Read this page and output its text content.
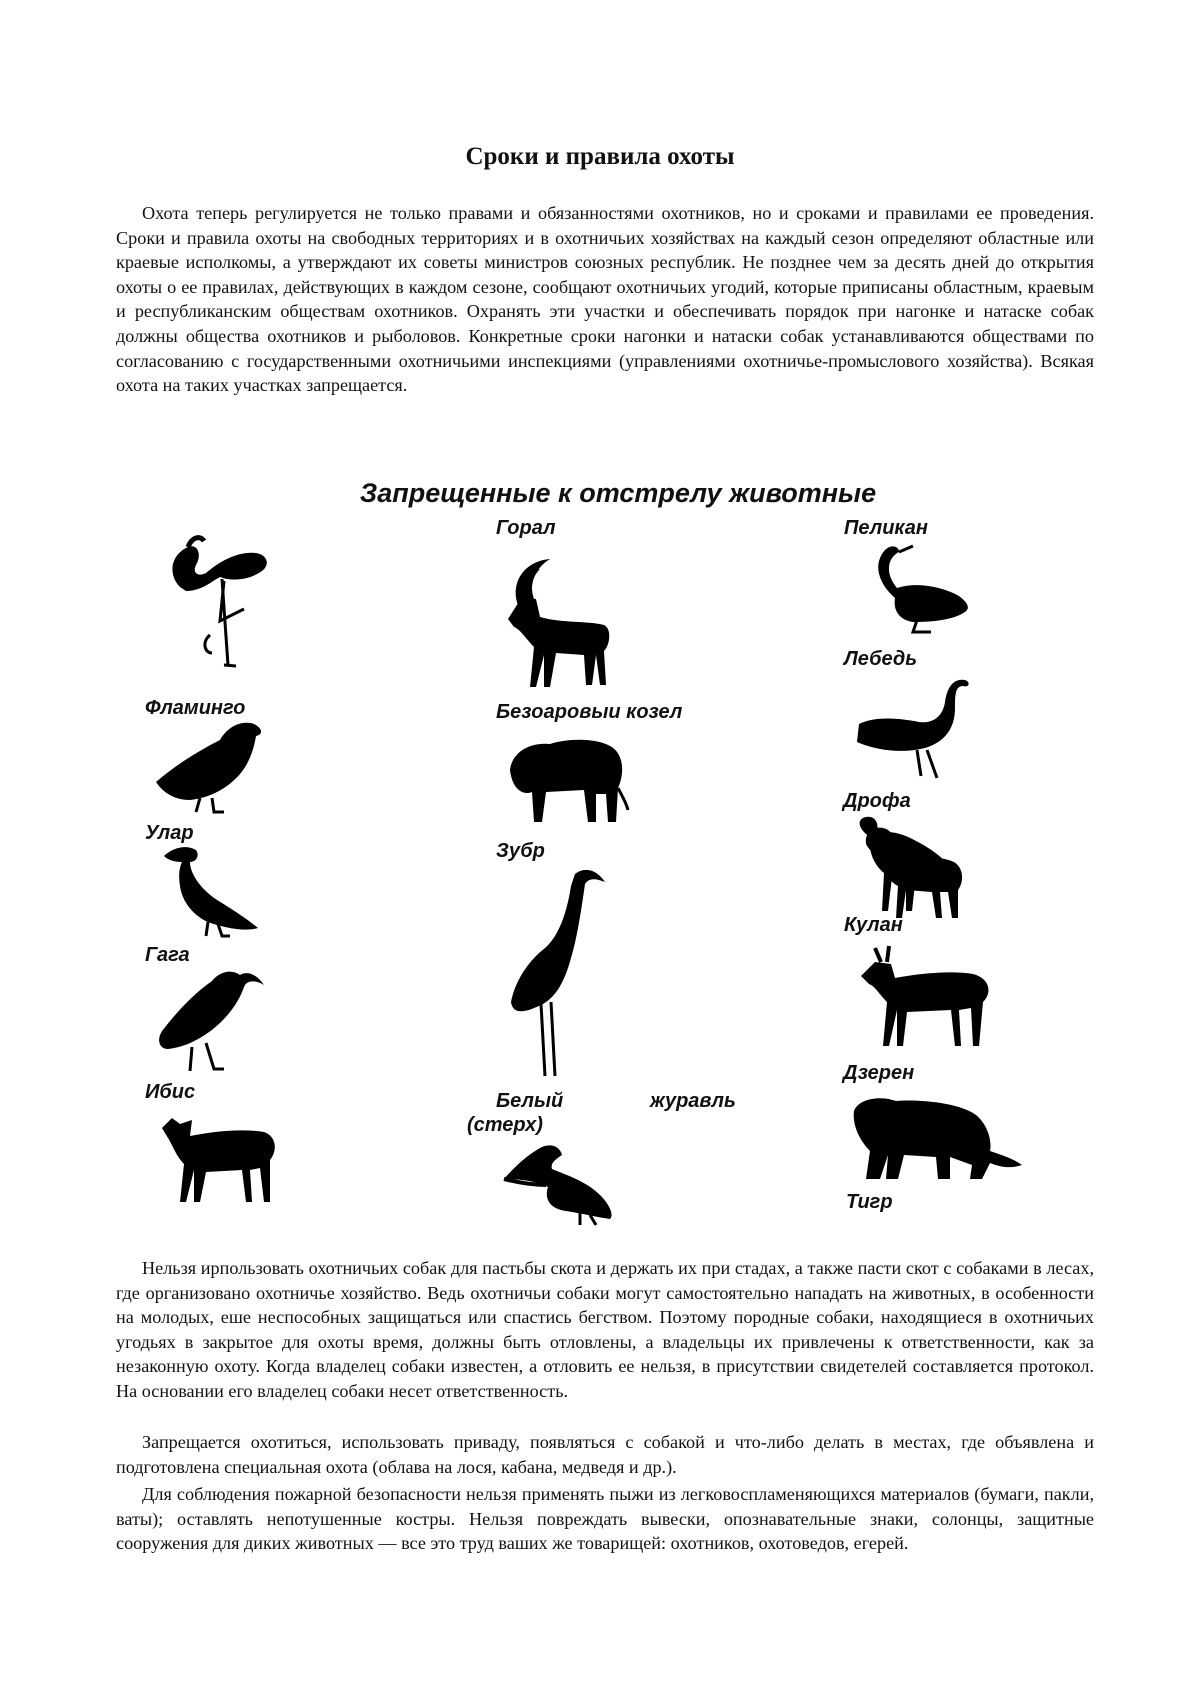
Сроки и правила охоты

Охота теперь регулируется не только правами и обязанностями охотников, но и сроками и правилами ее проведения. Сроки и правила охоты на свободных территориях и в охотничьих хозяйствах на каждый сезон определяют областные или краевые исполкомы, а утверждают их советы министров союзных республик. Не позднее чем за десять дней до открытия охоты о ее правилах, действующих в каждом сезоне, сообщают охотничьих угодий, которые приписаны областным, краевым и республиканским обществам охотников. Охранять эти участки и обеспечивать порядок при нагонке и натаске собак должны общества охотников и рыболовов. Конкретные сроки нагонки и натаски собак устанавливаются обществами по согласованию с государственными охотничьими инспекциями (управлениями охотничье-промыслового хозяйства). Всякая охота на таких участках запрещается.

Запрещенные к отстрелу животные
Горал	Пеликан
Лебедь
Фламинго	Безоаровыи козел
Улар
Дрофа
Зубр
Гага
Кулан
Ибис
Дзерен
Белый	журавль
(стерх)
Тигр

Нельзя ирпользовать охотничьих собак для пастьбы скота и держать их при стадах, а также пасти скот с собаками в лесах, где организовано охотничье хозяйство. Ведь охотничьи собаки могут самостоятельно нападать на животных, в особенности на молодых, еше неспособных защищаться или спастись бегством. Поэтому породные собаки, находящиеся в охотничьих угодьях в закрытое для охоты время, должны быть отловлены, а владельцы их привлечены к ответственности, как за незаконную охоту. Когда владелец собаки известен, а отловить ее нельзя, в присутствии свидетелей составляется протокол. На основании его владелец собаки несет ответственность.

Запрещается охотиться, использовать приваду, появляться с собакой и что-либо делать в местах, где объявлена и подготовлена специальная охота (облава на лося, кабана, медведя и др.).

Для соблюдения пожарной безопасности нельзя применять пыжи из легковоспламеняющихся материалов (бумаги, пакли, ваты); оставлять непотушенные костры. Нельзя повреждать вывески, опознавательные знаки, солонцы, защитные сооружения для диких животных — все это труд ваших же товарищей: охотников, охотоведов, егерей.
